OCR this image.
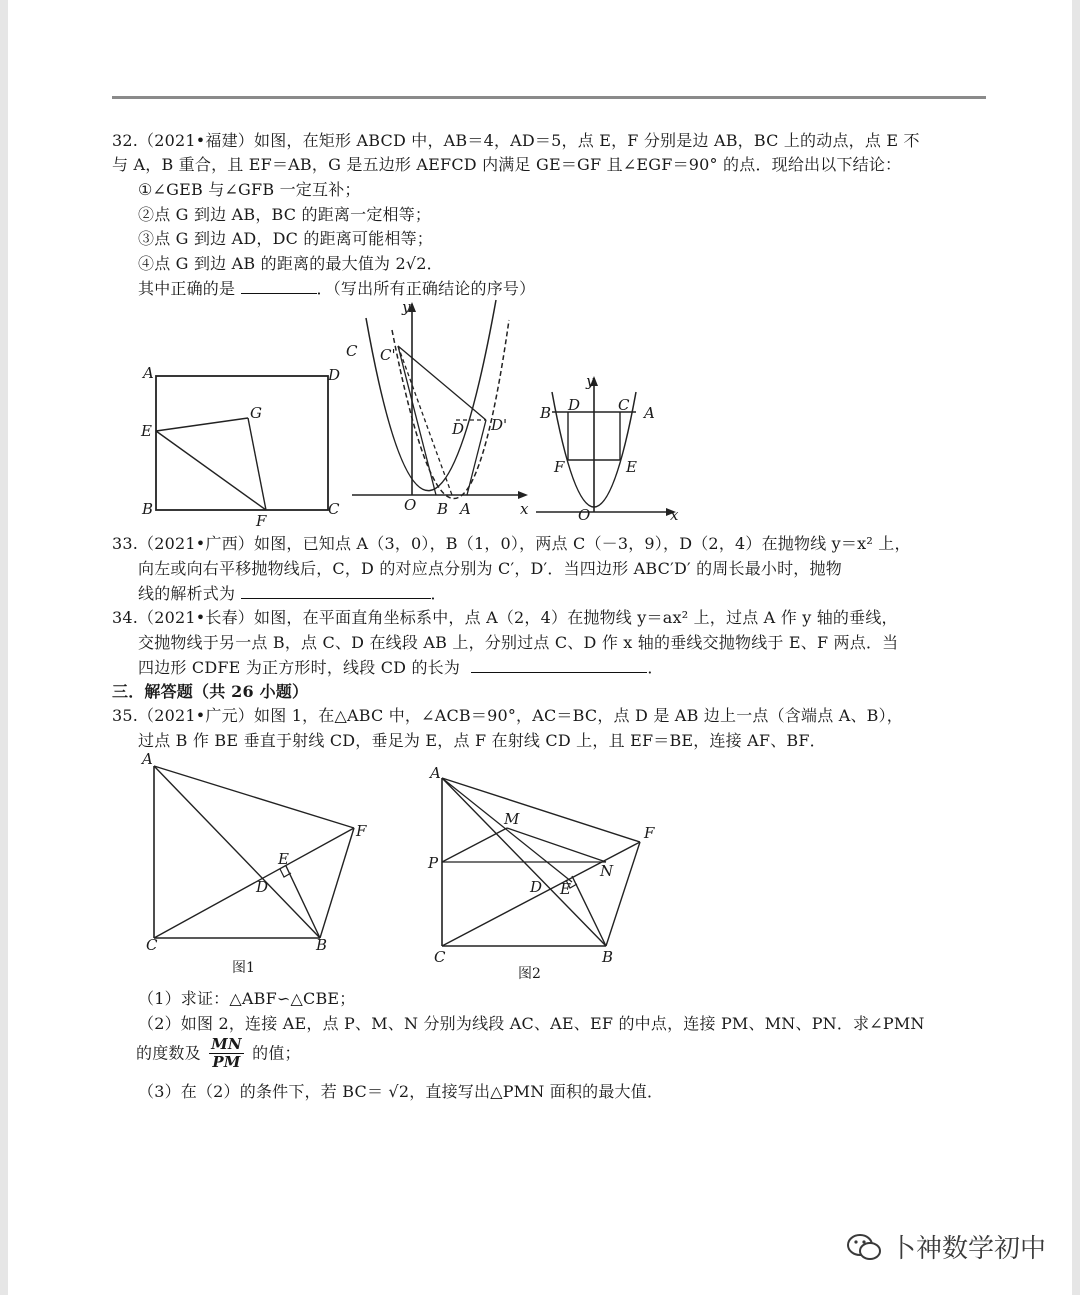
32.（2021•福建）如图，在矩形 ABCD 中，AB＝4，AD＝5，点 E，F 分别是边 AB，BC 上的动点，点 E 不
与 A，B 重合，且 EF＝AB，G 是五边形 AEFCD 内满足 GE＝GF 且∠EGF＝90° 的点．现给出以下结论：
①∠GEB 与∠GFB 一定互补；
②点 G 到边 AB，BC 的距离一定相等；
③点 G 到边 AD，DC 的距离可能相等；
④点 G 到边 AB 的距离的最大值为 2√2．
其中正确的是	．（写出所有正确结论的序号）
A	D
E
G
B	C
F
y
x
O B A
C C'
D D'
y
x
O
B D	C A
F	E
33.（2021•广西）如图，已知点 A（3，0），B（1，0），两点 C（－3，9），D（2，4）在抛物线 y＝x² 上，
向左或向右平移抛物线后，C，D 的对应点分别为 C′，D′．当四边形 ABC′D′ 的周长最小时，抛物
线的解析式为	．
34.（2021•长春）如图，在平面直角坐标系中，点 A（2，4）在抛物线 y＝ax² 上，过点 A 作 y 轴的垂线，
交抛物线于另一点 B，点 C、D 在线段 AB 上，分别过点 C、D 作 x 轴的垂线交抛物线于 E、F 两点．当
四边形 CDFE 为正方形时，线段 CD 的长为	．
三．解答题（共 26 小题）
35.（2021•广元）如图 1，在△ABC 中，∠ACB＝90°，AC＝BC，点 D 是 AB 边上一点（含端点 A、B），
过点 B 作 BE 垂直于射线 CD，垂足为 E，点 F 在射线 CD 上，且 EF＝BE，连接 AF、BF．
A
F
E
D
C	B
图1
A
M
F
P	N
D E
C	B
图2
（1）求证：△ABF∽△CBE；
（2）如图 2，连接 AE，点 P、M、N 分别为线段 AC、AE、EF 的中点，连接 PM、MN、PN．求∠PMN
的度数及 $\frac{MN}{PM}$ 的值；
（3）在（2）的条件下，若 BC＝ √2，直接写出△PMN 面积的最大值．
卜神数学初中
